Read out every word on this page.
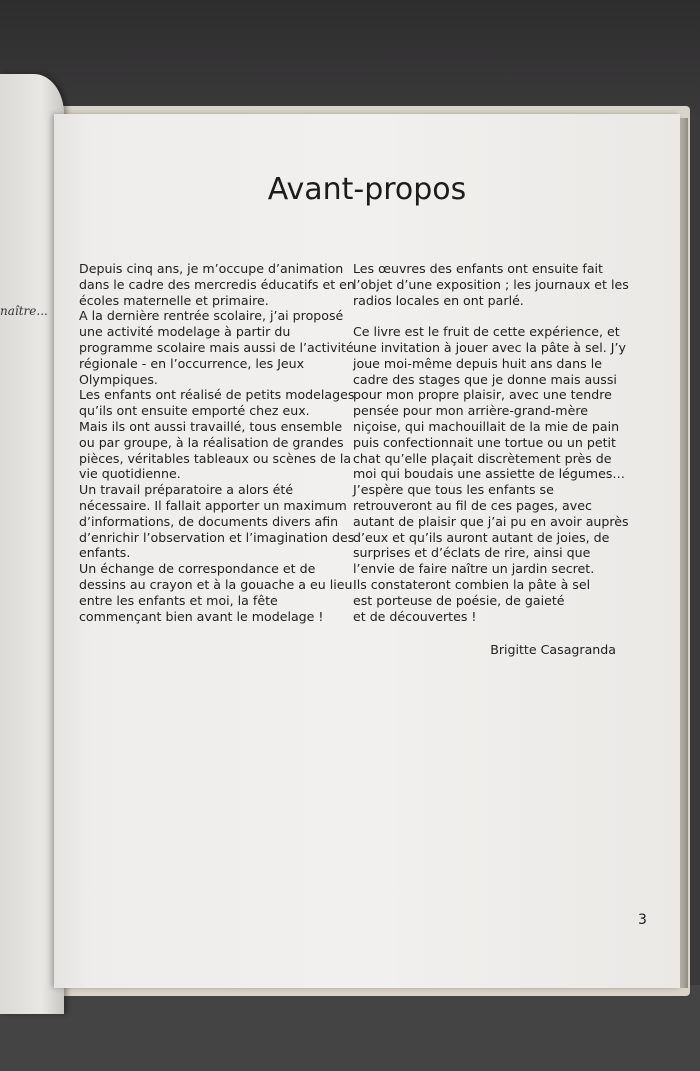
naître...
Avant-propos
Depuis cinq ans, je m’occupe d’animation
dans le cadre des mercredis éducatifs et en
écoles maternelle et primaire.
A la dernière rentrée scolaire, j’ai proposé
une activité modelage à partir du
programme scolaire mais aussi de l’activité
régionale - en l’occurrence, les Jeux
Olympiques.
Les enfants ont réalisé de petits modelages
qu’ils ont ensuite emporté chez eux.
Mais ils ont aussi travaillé, tous ensemble
ou par groupe, à la réalisation de grandes
pièces, véritables tableaux ou scènes de la
vie quotidienne.
Un travail préparatoire a alors été
nécessaire. Il fallait apporter un maximum
d’informations, de documents divers afin
d’enrichir l’observation et l’imagination des
enfants.
Un échange de correspondance et de
dessins au crayon et à la gouache a eu lieu
entre les enfants et moi, la fête
commençant bien avant le modelage !
Les œuvres des enfants ont ensuite fait
l’objet d’une exposition ; les journaux et les
radios locales en ont parlé.
Ce livre est le fruit de cette expérience, et
une invitation à jouer avec la pâte à sel. J’y
joue moi-même depuis huit ans dans le
cadre des stages que je donne mais aussi
pour mon propre plaisir, avec une tendre
pensée pour mon arrière-grand-mère
niçoise, qui machouillait de la mie de pain
puis confectionnait une tortue ou un petit
chat qu’elle plaçait discrètement près de
moi qui boudais une assiette de légumes…
J’espère que tous les enfants se
retrouveront au fil de ces pages, avec
autant de plaisir que j’ai pu en avoir auprès
d’eux et qu’ils auront autant de joies, de
surprises et d’éclats de rire, ainsi que
l’envie de faire naître un jardin secret.
Ils constateront combien la pâte à sel
est porteuse de poésie, de gaieté
et de découvertes !
Brigitte Casagranda
3
